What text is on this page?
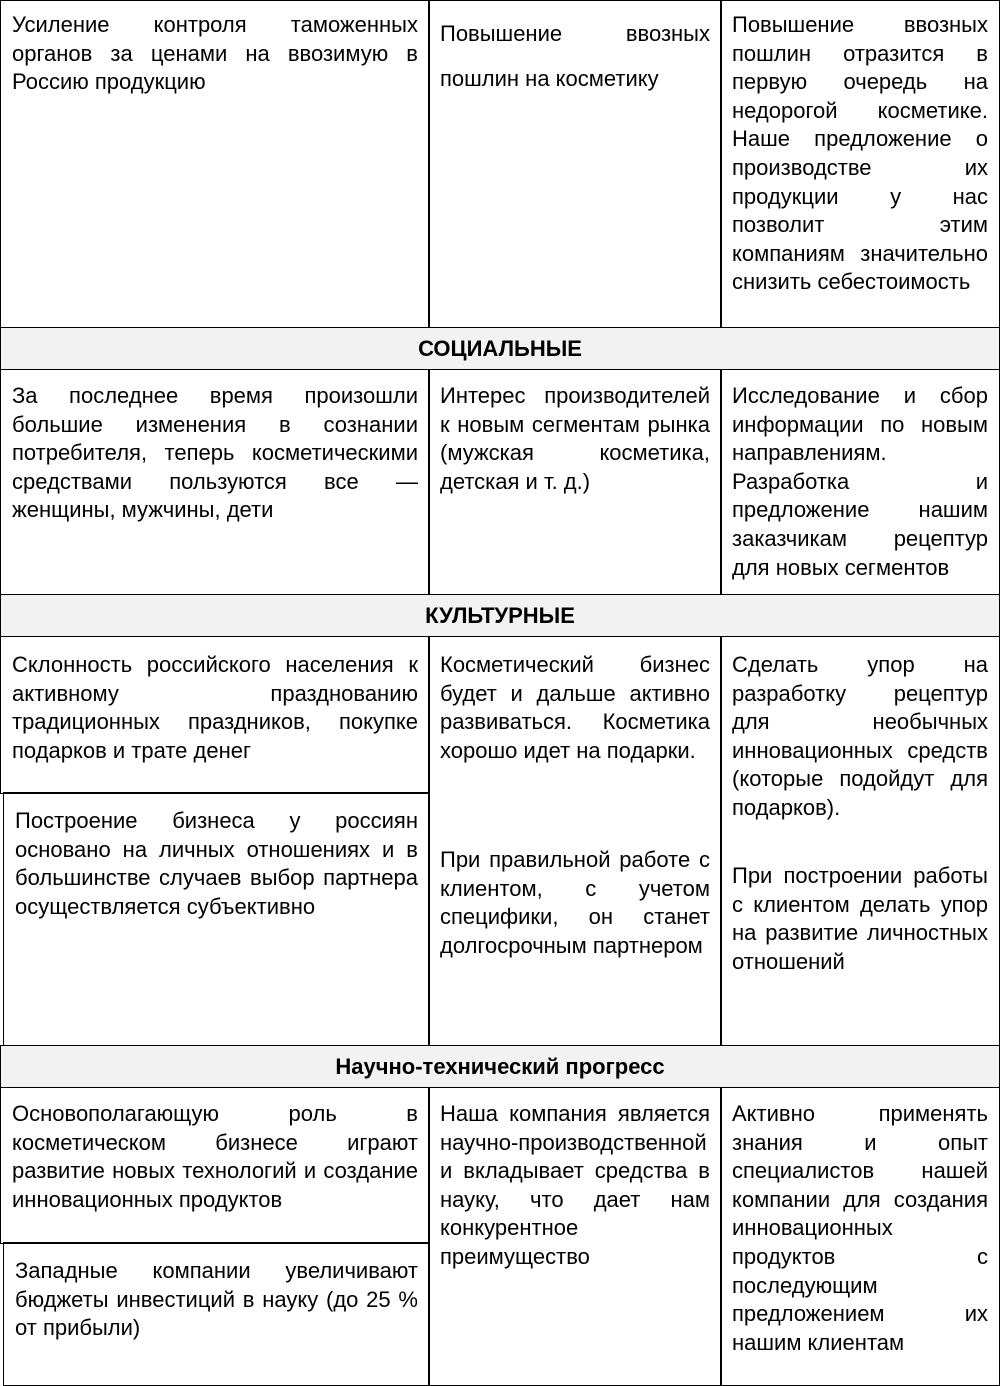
Усиление контроля таможенных органов за ценами на ввозимую в Россию продукцию
Повышение ввозных пошлин на косметику
Повышение ввозных пошлин отразится в первую очередь на недорогой косметике. Наше предложение о производстве их продукции у нас позволит этим компаниям значительно снизить себестоимость
СОЦИАЛЬНЫЕ
За последнее время произошли большие изменения в сознании потребителя, теперь косметическими средствами пользуются все — женщины, мужчины, дети
Интерес производителей к новым сегментам рынка (мужская косметика, детская и т. д.)
Исследование и сбор информации по новым направлениям. Разработка и предложение нашим заказчикам рецептур для новых сегментов
КУЛЬТУРНЫЕ
Склонность российского населения к активному празднованию традиционных праздников, покупке подарков и трате денег
Построение бизнеса у россиян основано на личных отношениях и в большинстве случаев выбор партнера осуществляется субъективно
Косметический бизнес будет и дальше активно развиваться. Косметика хорошо идет на подарки.
При правильной работе с клиентом, с учетом специфики, он станет долгосрочным партнером
Сделать упор на разработку рецептур для необычных инновационных средств (которые подойдут для подарков).
При построении работы с клиентом делать упор на развитие личностных отношений
Научно-технический прогресс
Основополагающую роль в косметическом бизнесе играют развитие новых технологий и создание инновационных продуктов
Западные компании увеличивают бюджеты инвестиций в науку (до 25 % от прибыли)
Наша компания является научно-производственной и вкладывает средства в науку, что дает нам конкурентное преимущество
Активно применять знания и опыт специалистов нашей компании для создания инновационных продуктов с последующим предложением их нашим клиентам
